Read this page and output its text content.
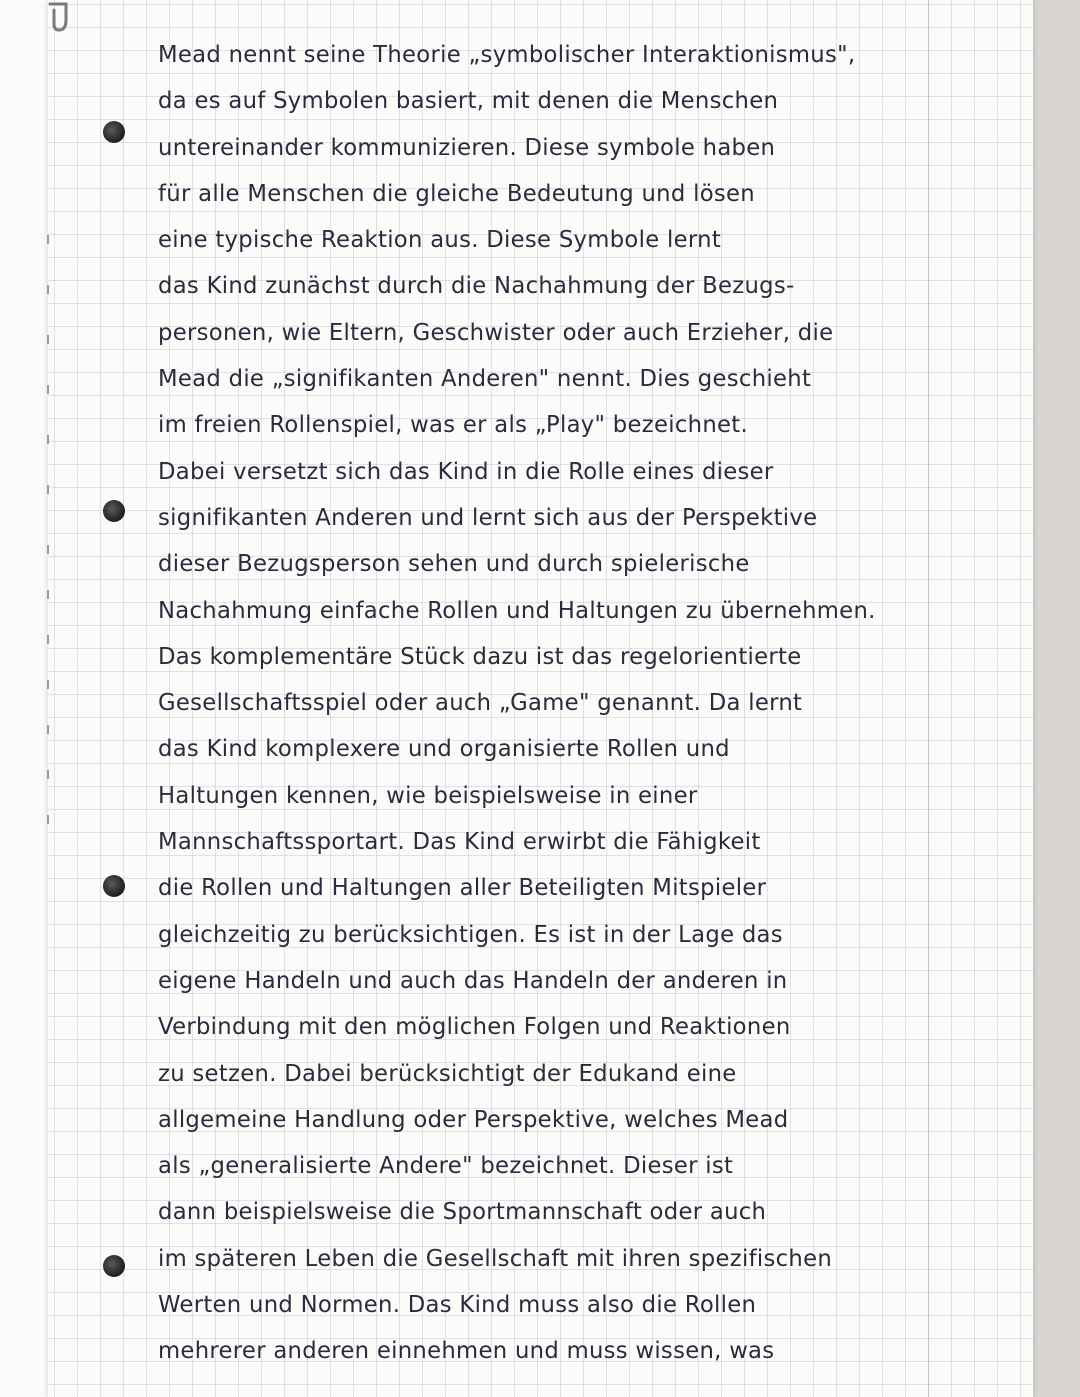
Mead nennt seine Theorie „symbolischer Interaktionismus",
da es auf Symbolen basiert, mit denen die Menschen
untereinander kommunizieren. Diese symbole haben
für alle Menschen die gleiche Bedeutung und lösen
eine typische Reaktion aus. Diese Symbole lernt
das Kind zunächst durch die Nachahmung der Bezugs-
personen, wie Eltern, Geschwister oder auch Erzieher, die
Mead die „signifikanten Anderen" nennt. Dies geschieht
im freien Rollenspiel, was er als „Play" bezeichnet.
Dabei versetzt sich das Kind in die Rolle eines dieser
signifikanten Anderen und lernt sich aus der Perspektive
dieser Bezugsperson sehen und durch spielerische
Nachahmung einfache Rollen und Haltungen zu übernehmen.
Das komplementäre Stück dazu ist das regelorientierte
Gesellschaftsspiel oder auch „Game" genannt. Da lernt
das Kind komplexere und organisierte Rollen und
Haltungen kennen, wie beispielsweise in einer
Mannschaftssportart. Das Kind erwirbt die Fähigkeit
die Rollen und Haltungen aller Beteiligten Mitspieler
gleichzeitig zu berücksichtigen. Es ist in der Lage das
eigene Handeln und auch das Handeln der anderen in
Verbindung mit den möglichen Folgen und Reaktionen
zu setzen. Dabei berücksichtigt der Edukand eine
allgemeine Handlung oder Perspektive, welches Mead
als „generalisierte Andere" bezeichnet. Dieser ist
dann beispielsweise die Sportmannschaft oder auch
im späteren Leben die Gesellschaft mit ihren spezifischen
Werten und Normen. Das Kind muss also die Rollen
mehrerer anderen einnehmen und muss wissen, was
